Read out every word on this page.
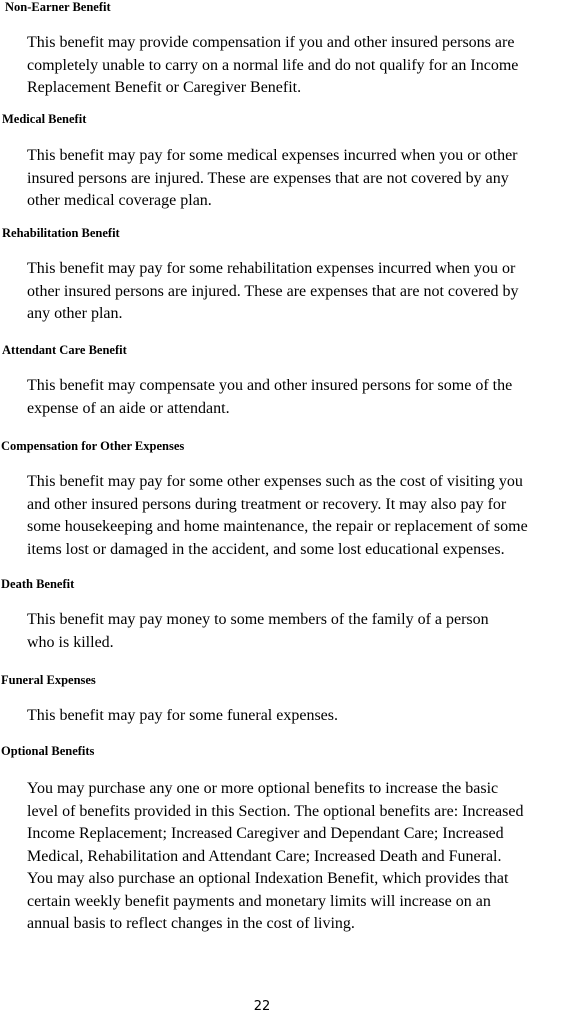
Non-Earner Benefit

This benefit may provide compensation if you and other insured persons are
completely unable to carry on a normal life and do not qualify for an Income
Replacement Benefit or Caregiver Benefit.

Medical Benefit

This benefit may pay for some medical expenses incurred when you or other
insured persons are injured. These are expenses that are not covered by any
other medical coverage plan.

Rehabilitation Benefit

This benefit may pay for some rehabilitation expenses incurred when you or
other insured persons are injured. These are expenses that are not covered by
any other plan.

Attendant Care Benefit

This benefit may compensate you and other insured persons for some of the
expense of an aide or attendant.

Compensation for Other Expenses

This benefit may pay for some other expenses such as the cost of visiting you
and other insured persons during treatment or recovery. It may also pay for
some housekeeping and home maintenance, the repair or replacement of some
items lost or damaged in the accident, and some lost educational expenses.

Death Benefit

This benefit may pay money to some members of the family of a person
who is killed.

Funeral Expenses

This benefit may pay for some funeral expenses.

Optional Benefits

You may purchase any one or more optional benefits to increase the basic
level of benefits provided in this Section. The optional benefits are: Increased
Income Replacement; Increased Caregiver and Dependant Care; Increased
Medical, Rehabilitation and Attendant Care; Increased Death and Funeral.
You may also purchase an optional Indexation Benefit, which provides that
certain weekly benefit payments and monetary limits will increase on an
annual basis to reflect changes in the cost of living.

22
